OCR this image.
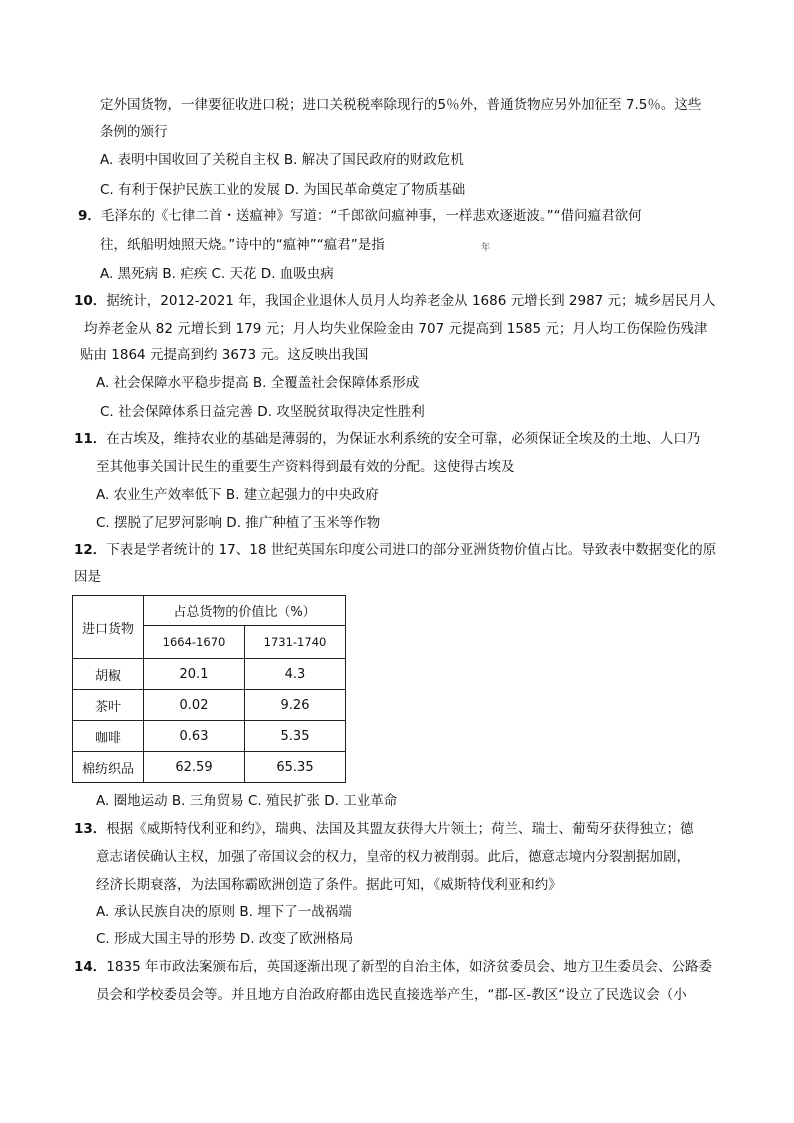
定外国货物，一律要征收进口税；进口关税税率除现行的5％外，普通货物应另外加征至 7.5％。这些
条例的颁行
A. 表明中国收回了关税自主权 B. 解决了国民政府的财政危机
C. 有利于保护民族工业的发展 D. 为国民革命奠定了物质基础
9．毛泽东的《七律二首・送瘟神》写道：“千郎欲问瘟神事，一样悲欢逐逝波。”“借问瘟君欲何
往，纸船明烛照天烧。”诗中的“瘟神”“瘟君”是指	年
A. 黑死病 B. 疟疾 C. 天花 D. 血吸虫病
10．据统计，2012-2021 年，我国企业退休人员月人均养老金从 1686 元增长到 2987 元；城乡居民月人
均养老金从 82 元增长到 179 元；月人均失业保险金由 707 元提高到 1585 元；月人均工伤保险伤残津
贴由 1864 元提高到约 3673 元。这反映出我国
A. 社会保障水平稳步提高 B. 全覆盖社会保障体系形成
C. 社会保障体系日益完善 D. 攻坚脱贫取得决定性胜利
11．在古埃及，维持农业的基础是薄弱的，为保证水利系统的安全可靠，必须保证全埃及的土地、人口乃
至其他事关国计民生的重要生产资料得到最有效的分配。这使得古埃及
A. 农业生产效率低下 B. 建立起强力的中央政府
C. 摆脱了尼罗河影响 D. 推广种植了玉米等作物
12．下表是学者统计的 17、18 世纪英国东印度公司进口的部分亚洲货物价值占比。导致表中数据变化的原
因是
进口货物	占总货物的价值比（%）	
	1664-1670	1731-1740
胡椒	20.1	4.3
茶叶	0.02	9.26
咖啡	0.63	5.35
棉纺织品	62.59	65.35
A. 圈地运动 B. 三角贸易 C. 殖民扩张 D. 工业革命
13．根据《威斯特伐利亚和约》，瑞典、法国及其盟友获得大片领土；荷兰、瑞士、葡萄牙获得独立；德
意志诸侯确认主权，加强了帝国议会的权力，皇帝的权力被削弱。此后，德意志境内分裂割据加剧，
经济长期衰落，为法国称霸欧洲创造了条件。据此可知，《威斯特伐利亚和约》
A. 承认民族自决的原则 B. 埋下了一战祸端
C. 形成大国主导的形势 D. 改变了欧洲格局
14．1835 年市政法案颁布后，英国逐渐出现了新型的自治主体，如济贫委员会、地方卫生委员会、公路委
员会和学校委员会等。并且地方自治政府都由选民直接选举产生，“郡-区-教区“设立了民选议会（小
